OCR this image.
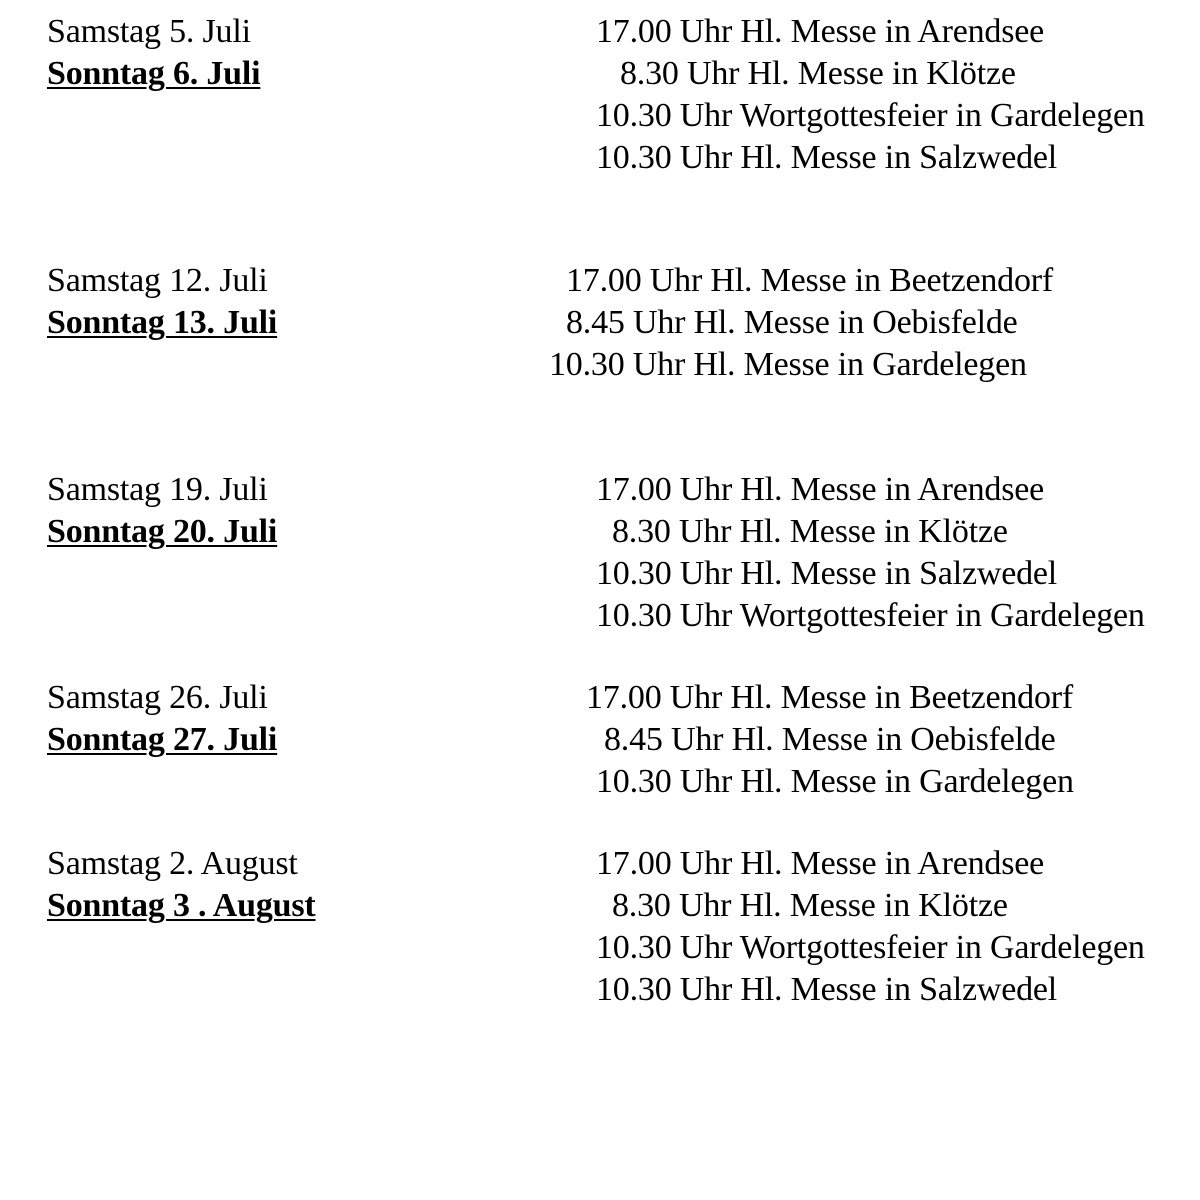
Samstag 5. Juli
Sonntag 6. Juli
17.00 Uhr Hl. Messe in Arendsee
8.30 Uhr Hl. Messe in Klötze
10.30 Uhr Wortgottesfeier in Gardelegen
10.30 Uhr Hl. Messe in Salzwedel
Samstag 12. Juli
Sonntag 13. Juli
17.00 Uhr Hl. Messe in Beetzendorf
8.45 Uhr Hl. Messe in Oebisfelde
10.30 Uhr Hl. Messe in Gardelegen
Samstag 19. Juli
Sonntag 20. Juli
17.00 Uhr Hl. Messe in Arendsee
8.30 Uhr Hl. Messe in Klötze
10.30 Uhr Hl. Messe in Salzwedel
10.30 Uhr Wortgottesfeier in Gardelegen
Samstag 26. Juli
Sonntag 27. Juli
17.00 Uhr Hl. Messe in Beetzendorf
8.45 Uhr Hl. Messe in Oebisfelde
10.30 Uhr Hl. Messe in Gardelegen
Samstag 2. August
Sonntag 3 . August
17.00 Uhr Hl. Messe in Arendsee
8.30 Uhr Hl. Messe in Klötze
10.30 Uhr Wortgottesfeier in Gardelegen
10.30 Uhr Hl. Messe in Salzwedel
